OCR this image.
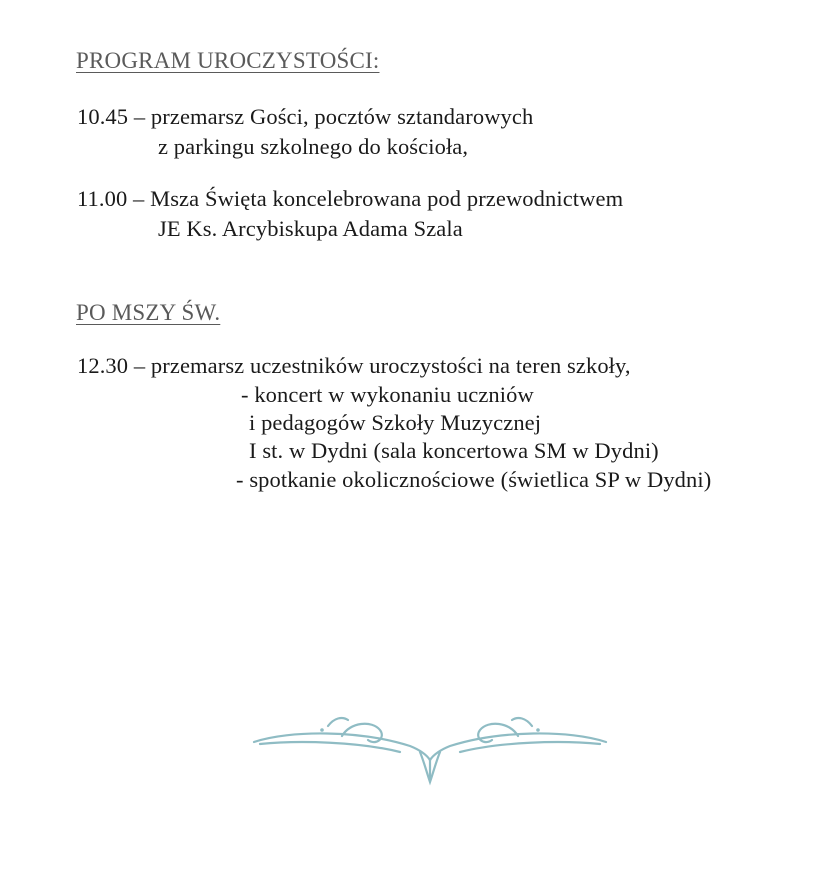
PROGRAM UROCZYSTOŚCI:
10.45 – przemarsz Gości, pocztów sztandarowych
z parkingu szkolnego do kościoła,
11.00 – Msza Święta koncelebrowana pod przewodnictwem
JE Ks. Arcybiskupa Adama Szala
PO MSZY ŚW.
12.30 – przemarsz uczestników uroczystości na teren szkoły,
- koncert w wykonaniu uczniów
i pedagogów Szkoły Muzycznej
I st. w Dydni (sala koncertowa SM w Dydni)
- spotkanie okolicznościowe (świetlica SP w Dydni)
